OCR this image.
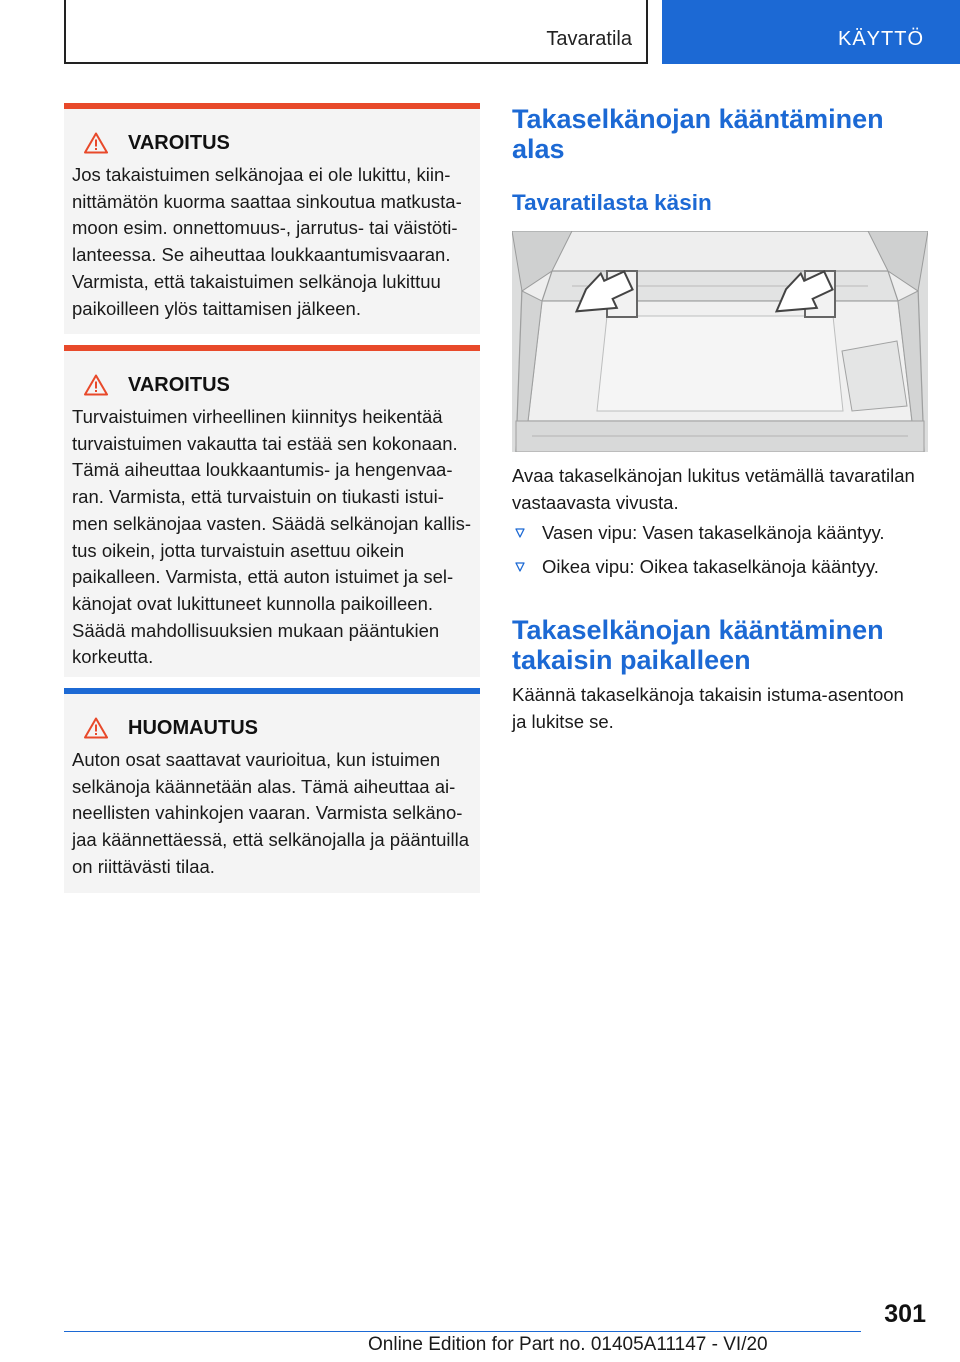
Tavaratila	KÄYTTÖ
VAROITUS
Jos takaistuimen selkänojaa ei ole lukittu, kiin-
nittämätön kuorma saattaa sinkoutua matkusta-
moon esim. onnettomuus-, jarrutus- tai väistöti-
lanteessa. Se aiheuttaa loukkaantumisvaaran.
Varmista, että takaistuimen selkänoja lukittuu
paikoilleen ylös taittamisen jälkeen.
VAROITUS
Turvaistuimen virheellinen kiinnitys heikentää
turvaistuimen vakautta tai estää sen kokonaan.
Tämä aiheuttaa loukkaantumis- ja hengenvaa-
ran. Varmista, että turvaistuin on tiukasti istui-
men selkänojaa vasten. Säädä selkänojan kallis-
tus oikein, jotta turvaistuin asettuu oikein
paikalleen. Varmista, että auton istuimet ja sel-
känojat ovat lukittuneet kunnolla paikoilleen.
Säädä mahdollisuuksien mukaan pääntukien
korkeutta.
HUOMAUTUS
Auton osat saattavat vaurioitua, kun istuimen
selkänoja käännetään alas. Tämä aiheuttaa ai-
neellisten vahinkojen vaaran. Varmista selkäno-
jaa käännettäessä, että selkänojalla ja pääntuilla
on riittävästi tilaa.
Takaselkänojan kääntäminen
alas
Tavaratilasta käsin
Avaa takaselkänojan lukitus vetämällä tavaratilan
vastaavasta vivusta.
Vasen vipu: Vasen takaselkänoja kääntyy.
Oikea vipu: Oikea takaselkänoja kääntyy.
Takaselkänojan kääntäminen
takaisin paikalleen
Käännä takaselkänoja takaisin istuma-asentoon
ja lukitse se.
301
Online Edition for Part no. 01405A11147 - VI/20
